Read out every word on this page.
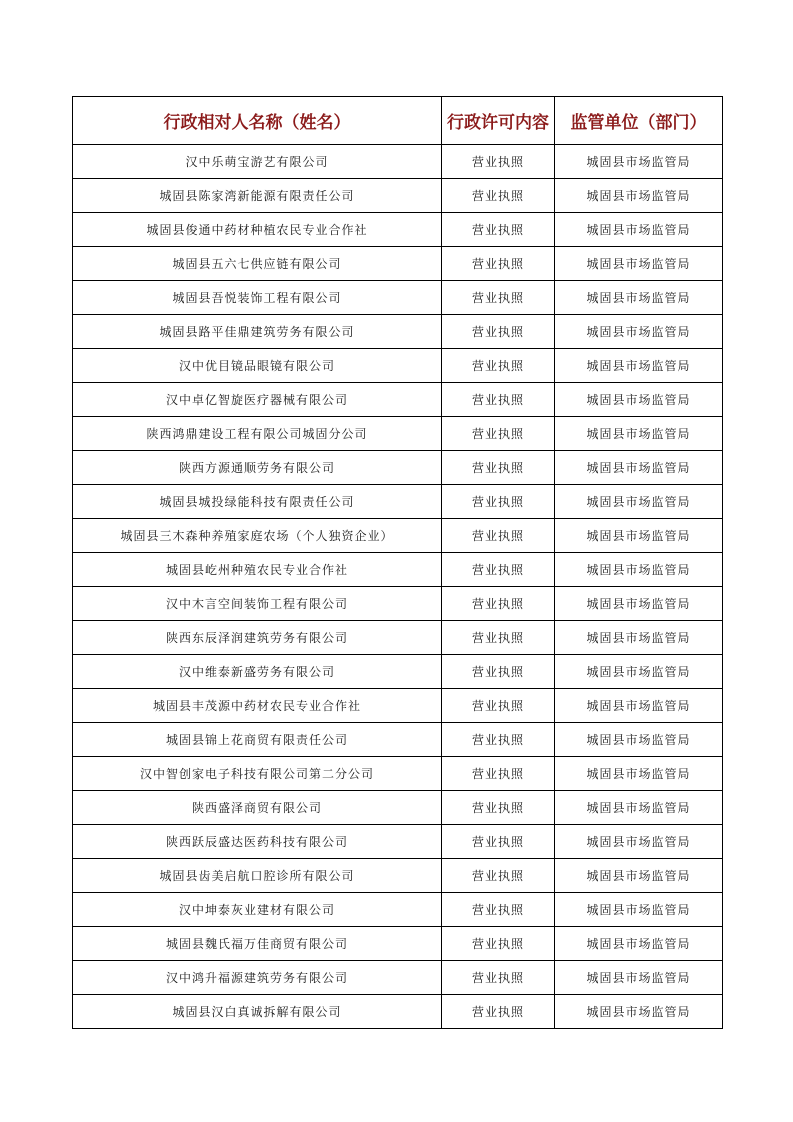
行政相对人名称（姓名）	行政许可内容	监管单位（部门）
汉中乐萌宝游艺有限公司	营业执照	城固县市场监管局
城固县陈家湾新能源有限责任公司	营业执照	城固县市场监管局
城固县俊通中药材种植农民专业合作社	营业执照	城固县市场监管局
城固县五六七供应链有限公司	营业执照	城固县市场监管局
城固县吾悦装饰工程有限公司	营业执照	城固县市场监管局
城固县路平佳鼎建筑劳务有限公司	营业执照	城固县市场监管局
汉中优目镜品眼镜有限公司	营业执照	城固县市场监管局
汉中卓亿智旋医疗器械有限公司	营业执照	城固县市场监管局
陕西鸿鼎建设工程有限公司城固分公司	营业执照	城固县市场监管局
陕西方源通顺劳务有限公司	营业执照	城固县市场监管局
城固县城投绿能科技有限责任公司	营业执照	城固县市场监管局
城固县三木森种养殖家庭农场（个人独资企业）	营业执照	城固县市场监管局
城固县屹州种殖农民专业合作社	营业执照	城固县市场监管局
汉中木言空间装饰工程有限公司	营业执照	城固县市场监管局
陕西东辰泽润建筑劳务有限公司	营业执照	城固县市场监管局
汉中维泰新盛劳务有限公司	营业执照	城固县市场监管局
城固县丰茂源中药材农民专业合作社	营业执照	城固县市场监管局
城固县锦上花商贸有限责任公司	营业执照	城固县市场监管局
汉中智创家电子科技有限公司第二分公司	营业执照	城固县市场监管局
陕西盛泽商贸有限公司	营业执照	城固县市场监管局
陕西跃辰盛达医药科技有限公司	营业执照	城固县市场监管局
城固县齿美启航口腔诊所有限公司	营业执照	城固县市场监管局
汉中坤泰灰业建材有限公司	营业执照	城固县市场监管局
城固县魏氏福万佳商贸有限公司	营业执照	城固县市场监管局
汉中鸿升福源建筑劳务有限公司	营业执照	城固县市场监管局
城固县汉白真诚拆解有限公司	营业执照	城固县市场监管局
